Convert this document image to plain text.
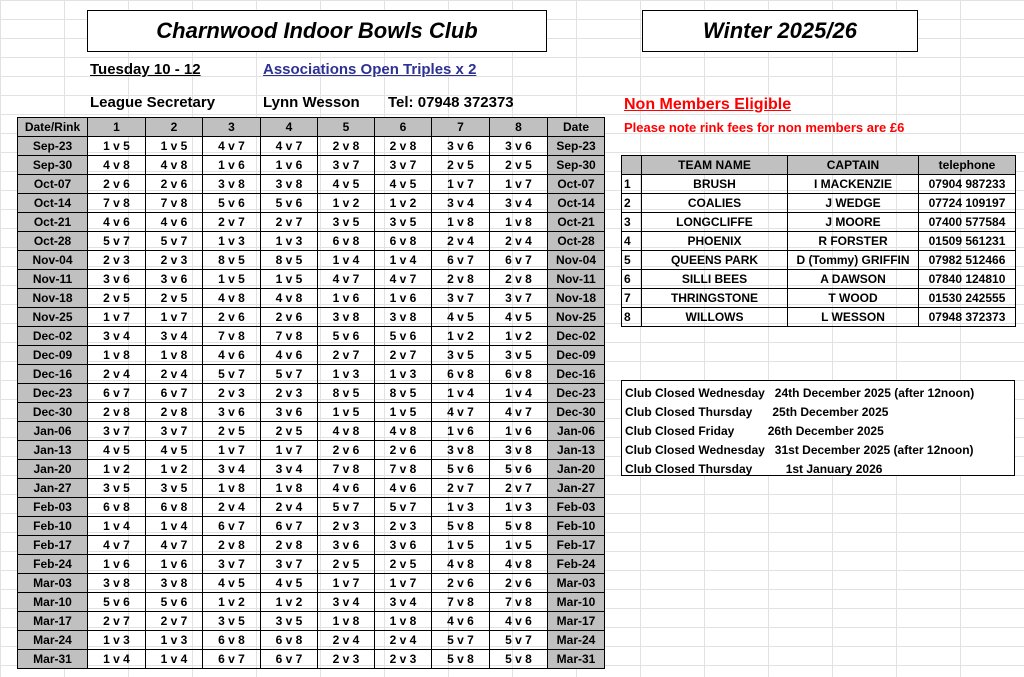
Charnwood Indoor Bowls Club	Winter 2025/26
Tuesday 10 - 12	Associations Open Triples x 2
League Secretary	Lynn Wesson Tel: 07948 372373	Non Members Eligible
Please note rink fees for non members are £6
Date/Rink	1	2	3	4	5	6	7	8	Date
Sep-23	1 v 5	1 v 5	4 v 7	4 v 7	2 v 8	2 v 8	3 v 6	3 v 6	Sep-23
Sep-30	4 v 8	4 v 8	1 v 6	1 v 6	3 v 7	3 v 7	2 v 5	2 v 5	Sep-30
Oct-07	2 v 6	2 v 6	3 v 8	3 v 8	4 v 5	4 v 5	1 v 7	1 v 7	Oct-07
Oct-14	7 v 8	7 v 8	5 v 6	5 v 6	1 v 2	1 v 2	3 v 4	3 v 4	Oct-14
Oct-21	4 v 6	4 v 6	2 v 7	2 v 7	3 v 5	3 v 5	1 v 8	1 v 8	Oct-21
Oct-28	5 v 7	5 v 7	1 v 3	1 v 3	6 v 8	6 v 8	2 v 4	2 v 4	Oct-28
Nov-04	2 v 3	2 v 3	8 v 5	8 v 5	1 v 4	1 v 4	6 v 7	6 v 7	Nov-04
Nov-11	3 v 6	3 v 6	1 v 5	1 v 5	4 v 7	4 v 7	2 v 8	2 v 8	Nov-11
Nov-18	2 v 5	2 v 5	4 v 8	4 v 8	1 v 6	1 v 6	3 v 7	3 v 7	Nov-18
Nov-25	1 v 7	1 v 7	2 v 6	2 v 6	3 v 8	3 v 8	4 v 5	4 v 5	Nov-25
Dec-02	3 v 4	3 v 4	7 v 8	7 v 8	5 v 6	5 v 6	1 v 2	1 v 2	Dec-02
Dec-09	1 v 8	1 v 8	4 v 6	4 v 6	2 v 7	2 v 7	3 v 5	3 v 5	Dec-09
Dec-16	2 v 4	2 v 4	5 v 7	5 v 7	1 v 3	1 v 3	6 v 8	6 v 8	Dec-16
Dec-23	6 v 7	6 v 7	2 v 3	2 v 3	8 v 5	8 v 5	1 v 4	1 v 4	Dec-23
Dec-30	2 v 8	2 v 8	3 v 6	3 v 6	1 v 5	1 v 5	4 v 7	4 v 7	Dec-30
Jan-06	3 v 7	3 v 7	2 v 5	2 v 5	4 v 8	4 v 8	1 v 6	1 v 6	Jan-06
Jan-13	4 v 5	4 v 5	1 v 7	1 v 7	2 v 6	2 v 6	3 v 8	3 v 8	Jan-13
Jan-20	1 v 2	1 v 2	3 v 4	3 v 4	7 v 8	7 v 8	5 v 6	5 v 6	Jan-20
Jan-27	3 v 5	3 v 5	1 v 8	1 v 8	4 v 6	4 v 6	2 v 7	2 v 7	Jan-27
Feb-03	6 v 8	6 v 8	2 v 4	2 v 4	5 v 7	5 v 7	1 v 3	1 v 3	Feb-03
Feb-10	1 v 4	1 v 4	6 v 7	6 v 7	2 v 3	2 v 3	5 v 8	5 v 8	Feb-10
Feb-17	4 v 7	4 v 7	2 v 8	2 v 8	3 v 6	3 v 6	1 v 5	1 v 5	Feb-17
Feb-24	1 v 6	1 v 6	3 v 7	3 v 7	2 v 5	2 v 5	4 v 8	4 v 8	Feb-24
Mar-03	3 v 8	3 v 8	4 v 5	4 v 5	1 v 7	1 v 7	2 v 6	2 v 6	Mar-03
Mar-10	5 v 6	5 v 6	1 v 2	1 v 2	3 v 4	3 v 4	7 v 8	7 v 8	Mar-10
Mar-17	2 v 7	2 v 7	3 v 5	3 v 5	1 v 8	1 v 8	4 v 6	4 v 6	Mar-17
Mar-24	1 v 3	1 v 3	6 v 8	6 v 8	2 v 4	2 v 4	5 v 7	5 v 7	Mar-24
Mar-31	1 v 4	1 v 4	6 v 7	6 v 7	2 v 3	2 v 3	5 v 8	5 v 8	Mar-31
	TEAM NAME	CAPTAIN	telephone
1	BRUSH	I MACKENZIE	07904 987233
2	COALIES	J WEDGE	07724 109197
3	LONGCLIFFE	J MOORE	07400 577584
4	PHOENIX	R FORSTER	01509 561231
5	QUEENS PARK	D (Tommy) GRIFFIN	07982 512466
6	SILLI BEES	A DAWSON	07840 124810
7	THRINGSTONE	T WOOD	01530 242555
8	WILLOWS	L WESSON	07948 372373
Club Closed Wednesday   24th December 2025 (after 12noon)
Club Closed Thursday      25th December 2025
Club Closed Friday          26th December 2025
Club Closed Wednesday   31st December 2025 (after 12noon)
Club Closed Thursday          1st January 2026
